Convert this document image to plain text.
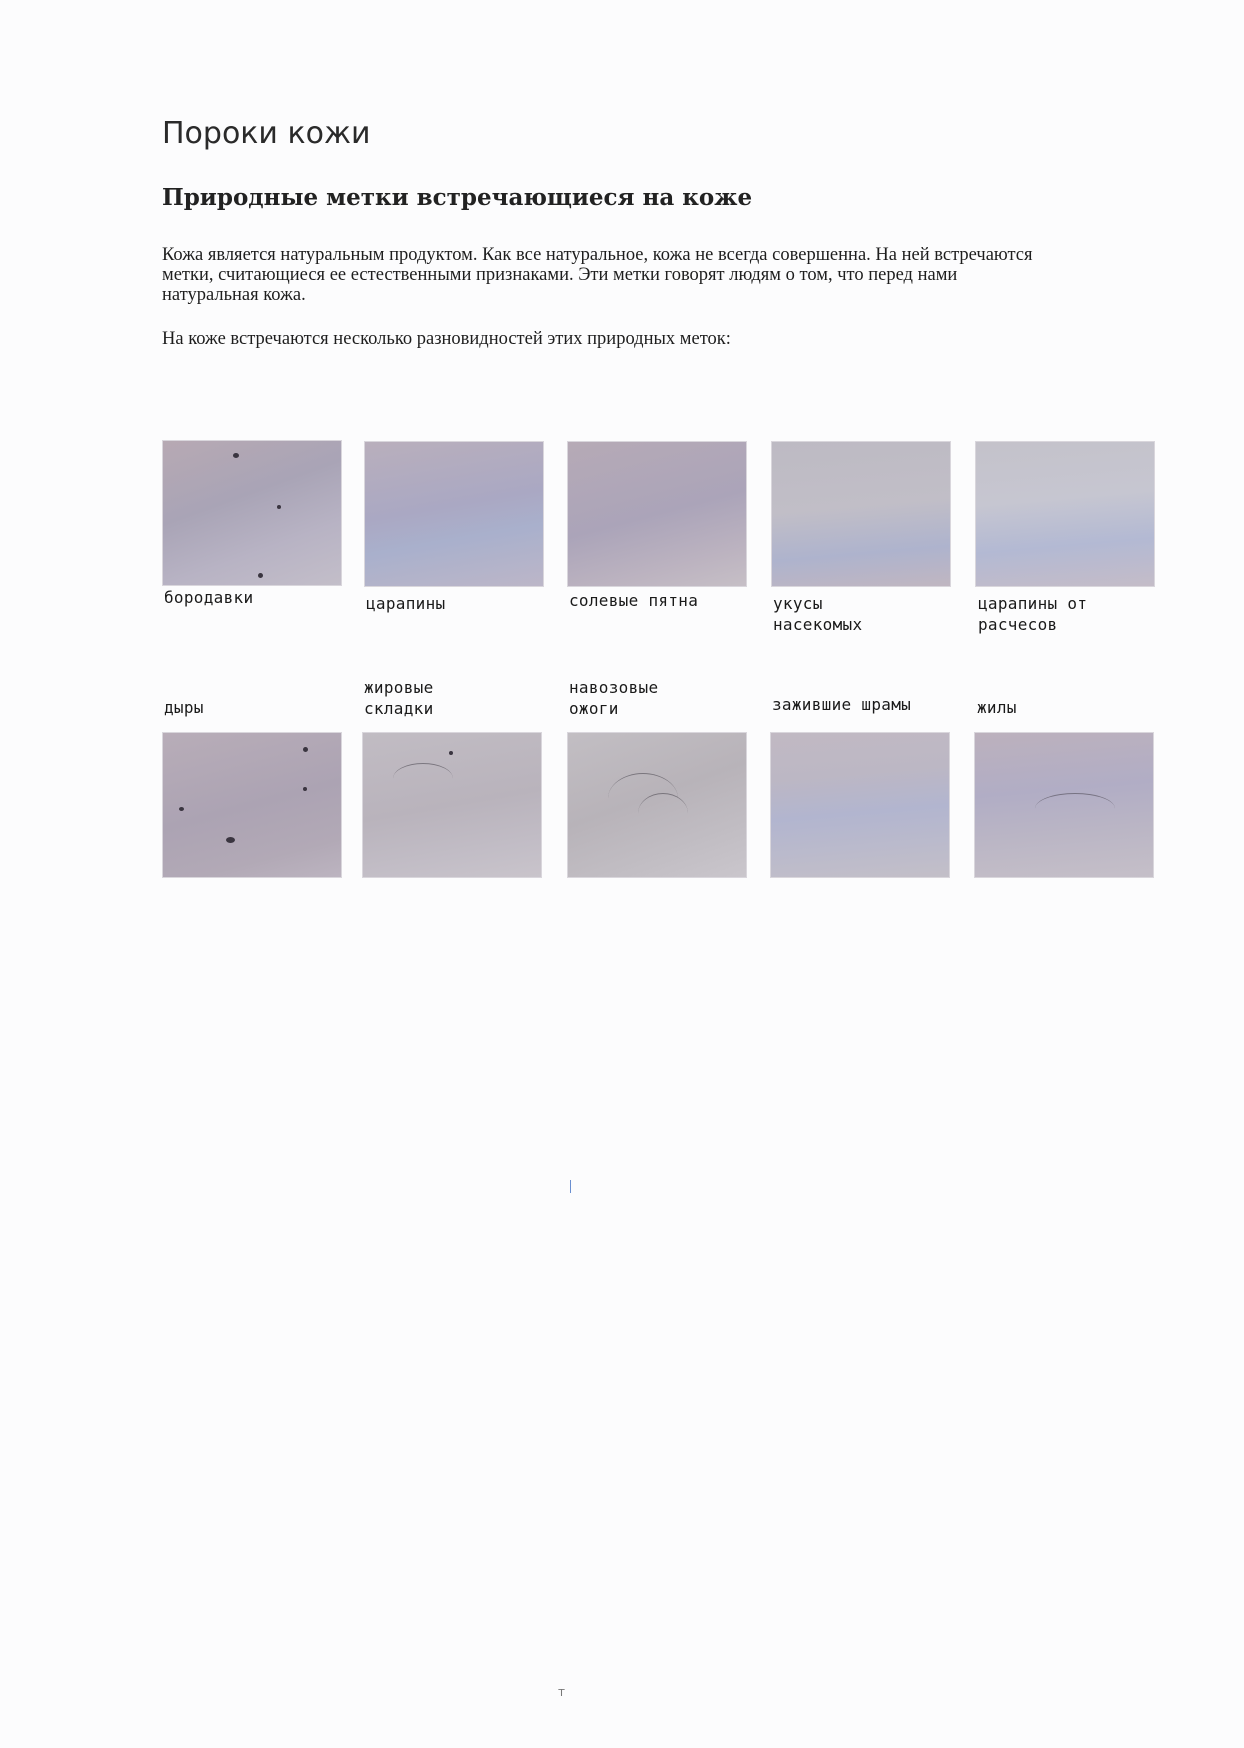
Пороки кожи
Природные метки встречающиеся на коже

Кожа является натуральным продуктом. Как все натуральное, кожа не всегда совершенна. На ней встречаются
метки, считающиеся ее естественными признаками. Эти метки говорят людям о том, что перед нами
натуральная кожа.

На коже встречаются несколько разновидностей этих природных меток:

бородавки	царапины	солевые пятна	укусы
насекомых
царапины от
расчесов
дыры
жировые
складки
навозовые
ожоги	зажившие шрамы	жилы
т
